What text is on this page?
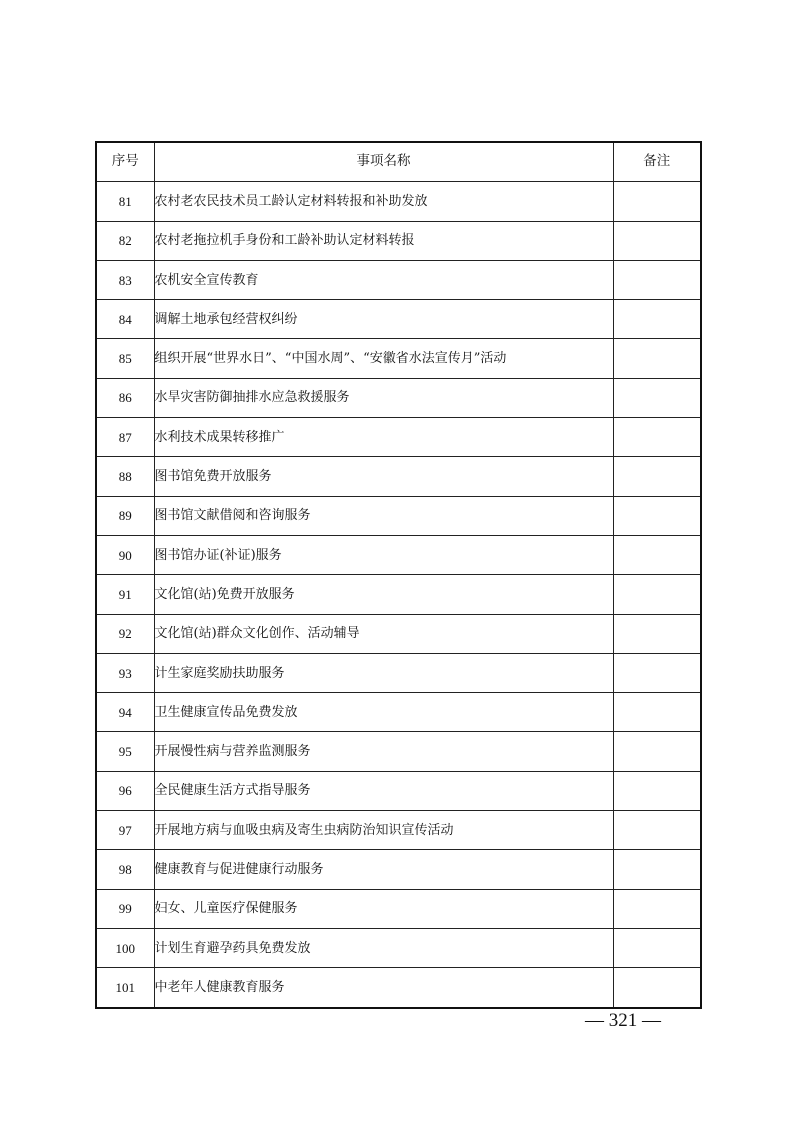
序号	事项名称	备注
81	农村老农民技术员工龄认定材料转报和补助发放	
82	农村老拖拉机手身份和工龄补助认定材料转报	
83	农机安全宣传教育	
84	调解土地承包经营权纠纷	
85	组织开展“世界水日”、“中国水周”、“安徽省水法宣传月”活动	
86	水旱灾害防御抽排水应急救援服务	
87	水利技术成果转移推广	
88	图书馆免费开放服务	
89	图书馆文献借阅和咨询服务	
90	图书馆办证(补证)服务	
91	文化馆(站)免费开放服务	
92	文化馆(站)群众文化创作、活动辅导	
93	计生家庭奖励扶助服务	
94	卫生健康宣传品免费发放	
95	开展慢性病与营养监测服务	
96	全民健康生活方式指导服务	
97	开展地方病与血吸虫病及寄生虫病防治知识宣传活动	
98	健康教育与促进健康行动服务	
99	妇女、儿童医疗保健服务	
100	计划生育避孕药具免费发放	
101	中老年人健康教育服务	
— 321 —
